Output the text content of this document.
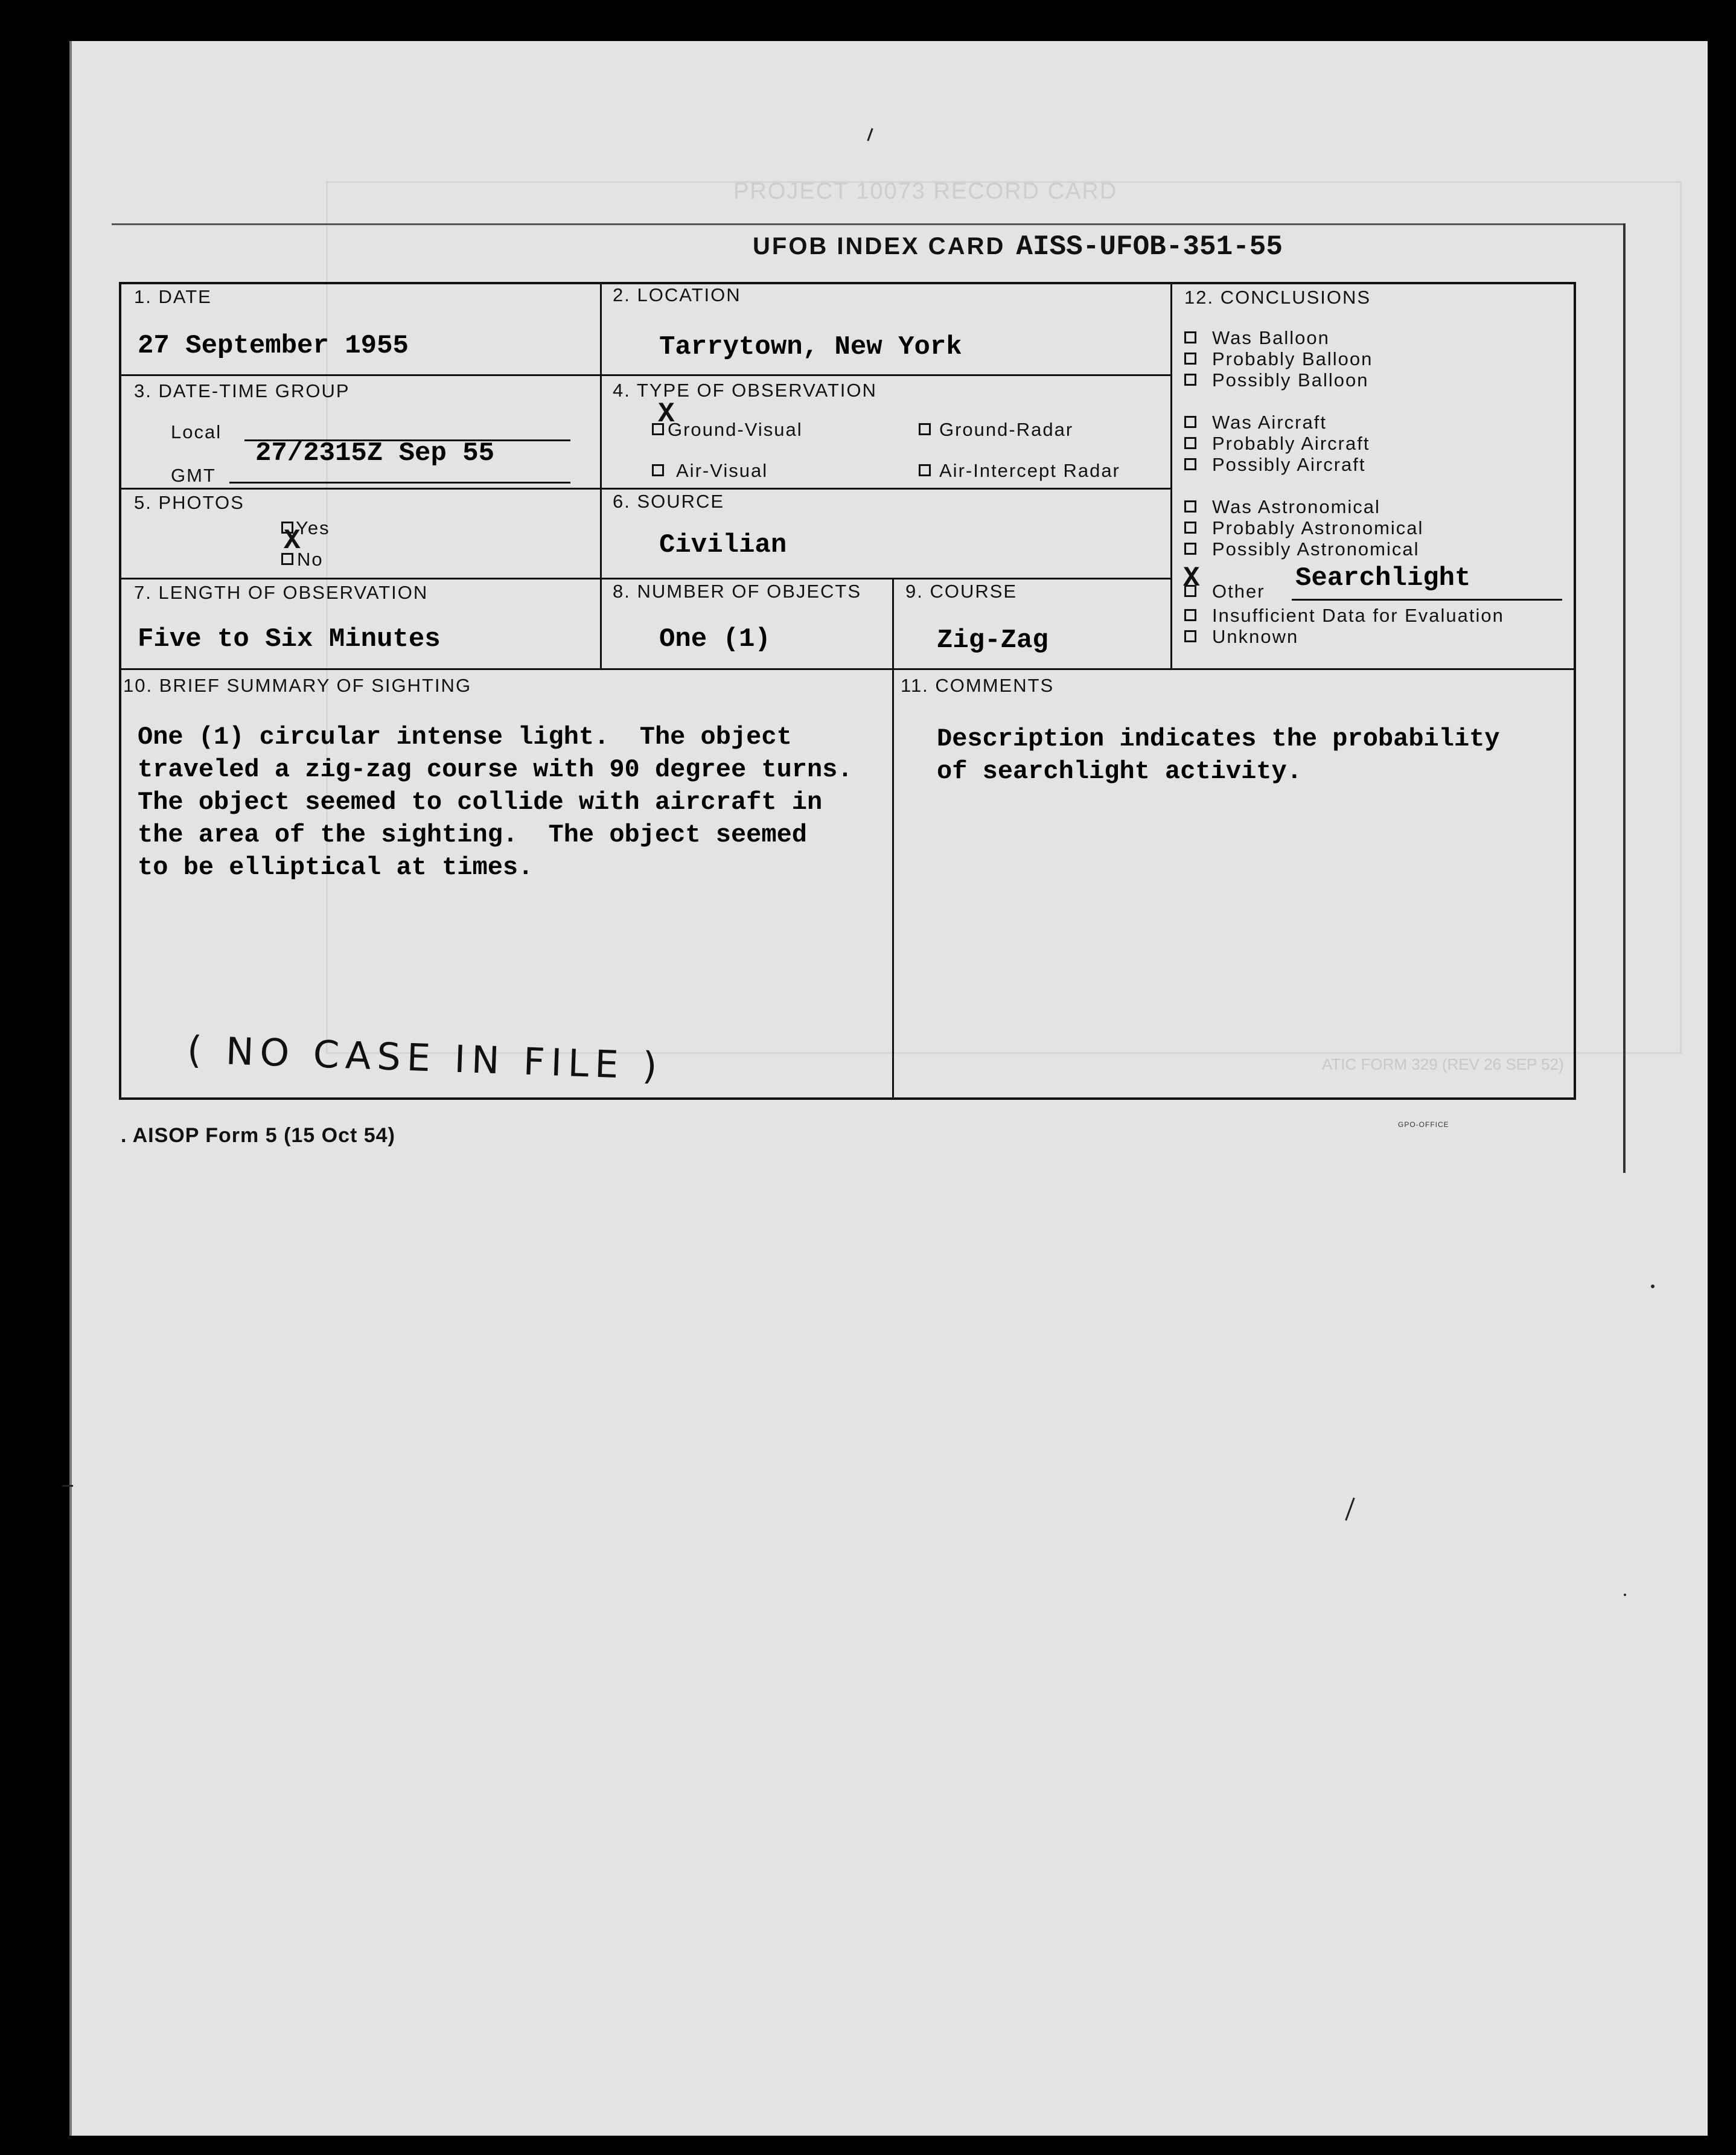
PROJECT 10073 RECORD CARD
ATIC FORM 329 (REV 26 SEP 52)
UFOB INDEX CARD AISS-UFOB-351-55
1. DATE
27 September 1955
2. LOCATION
Tarrytown, New York
3. DATE-TIME GROUP
Local
27/2315Z Sep 55
GMT
4. TYPE OF OBSERVATION
X
Ground-Visual	Ground-Radar
Air-Visual	Air-Intercept Radar
5. PHOTOS
Yes
X
No
6. SOURCE
Civilian
7. LENGTH OF OBSERVATION
Five to Six Minutes
8. NUMBER OF OBJECTS
One (1)
9. COURSE
Zig-Zag
12. CONCLUSIONS
Was Balloon
Probably Balloon
Possibly Balloon
Was Aircraft
Probably Aircraft
Possibly Aircraft
Was Astronomical
Probably Astronomical
Possibly Astronomical
X Other Searchlight
Insufficient Data for Evaluation
Unknown
10. BRIEF SUMMARY OF SIGHTING
One (1) circular intense light.  The object
traveled a zig-zag course with 90 degree turns.
The object seemed to collide with aircraft in
the area of the sighting.  The object seemed
to be elliptical at times.
11. COMMENTS
Description indicates the probability
of searchlight activity.
( NO CASE IN FILE )
. AISOP Form 5 (15 Oct 54)	GPO-OFFICE
